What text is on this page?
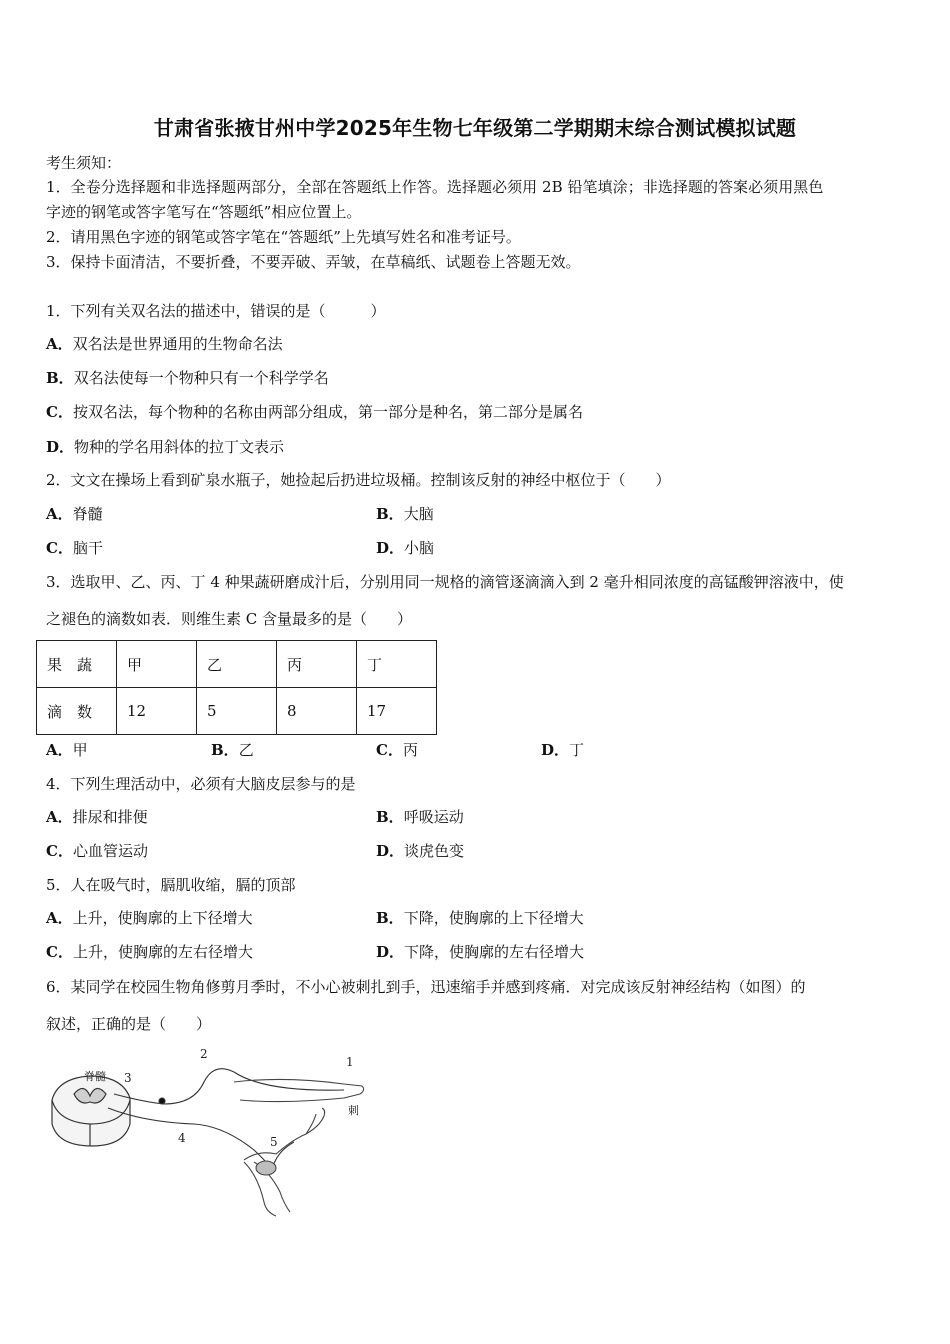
甘肃省张掖甘州中学2025年生物七年级第二学期期末综合测试模拟试题
考生须知：
1．全卷分选择题和非选择题两部分，全部在答题纸上作答。选择题必须用 2B 铅笔填涂；非选择题的答案必须用黑色
字迹的钢笔或答字笔写在“答题纸”相应位置上。
2．请用黑色字迹的钢笔或答字笔在“答题纸”上先填写姓名和准考证号。
3．保持卡面清洁，不要折叠，不要弄破、弄皱，在草稿纸、试题卷上答题无效。
1．下列有关双名法的描述中，错误的是（　　　）
A．双名法是世界通用的生物命名法
B．双名法使每一个物种只有一个科学学名
C．按双名法，每个物种的名称由两部分组成，第一部分是种名，第二部分是属名
D．物种的学名用斜体的拉丁文表示
2．文文在操场上看到矿泉水瓶子，她捡起后扔进垃圾桶。控制该反射的神经中枢位于（　　）
A．脊髓	B．大脑
C．脑干	D．小脑
3．选取甲、乙、丙、丁 4 种果蔬研磨成汁后，分别用同一规格的滴管逐滴滴入到 2 毫升相同浓度的高锰酸钾溶液中，使
之褪色的滴数如表．则维生素 C 含量最多的是（　　）
果　蔬	甲	乙	丙	丁
滴　数	12	5	8	17
A．甲	B．乙	C．丙	D．丁
4．下列生理活动中，必须有大脑皮层参与的是
A．排尿和排便	B．呼吸运动
C．心血管运动	D．谈虎色变
5．人在吸气时，膈肌收缩，膈的顶部
A．上升，使胸廓的上下径增大	B．下降，使胸廓的上下径增大
C．上升，使胸廓的左右径增大	D．下降，使胸廓的左右径增大
6．某同学在校园生物角修剪月季时，不小心被刺扎到手，迅速缩手并感到疼痛．对完成该反射神经结构（如图）的
叙述，正确的是（　　）
脊髓 3
2
1
刺
4	5
